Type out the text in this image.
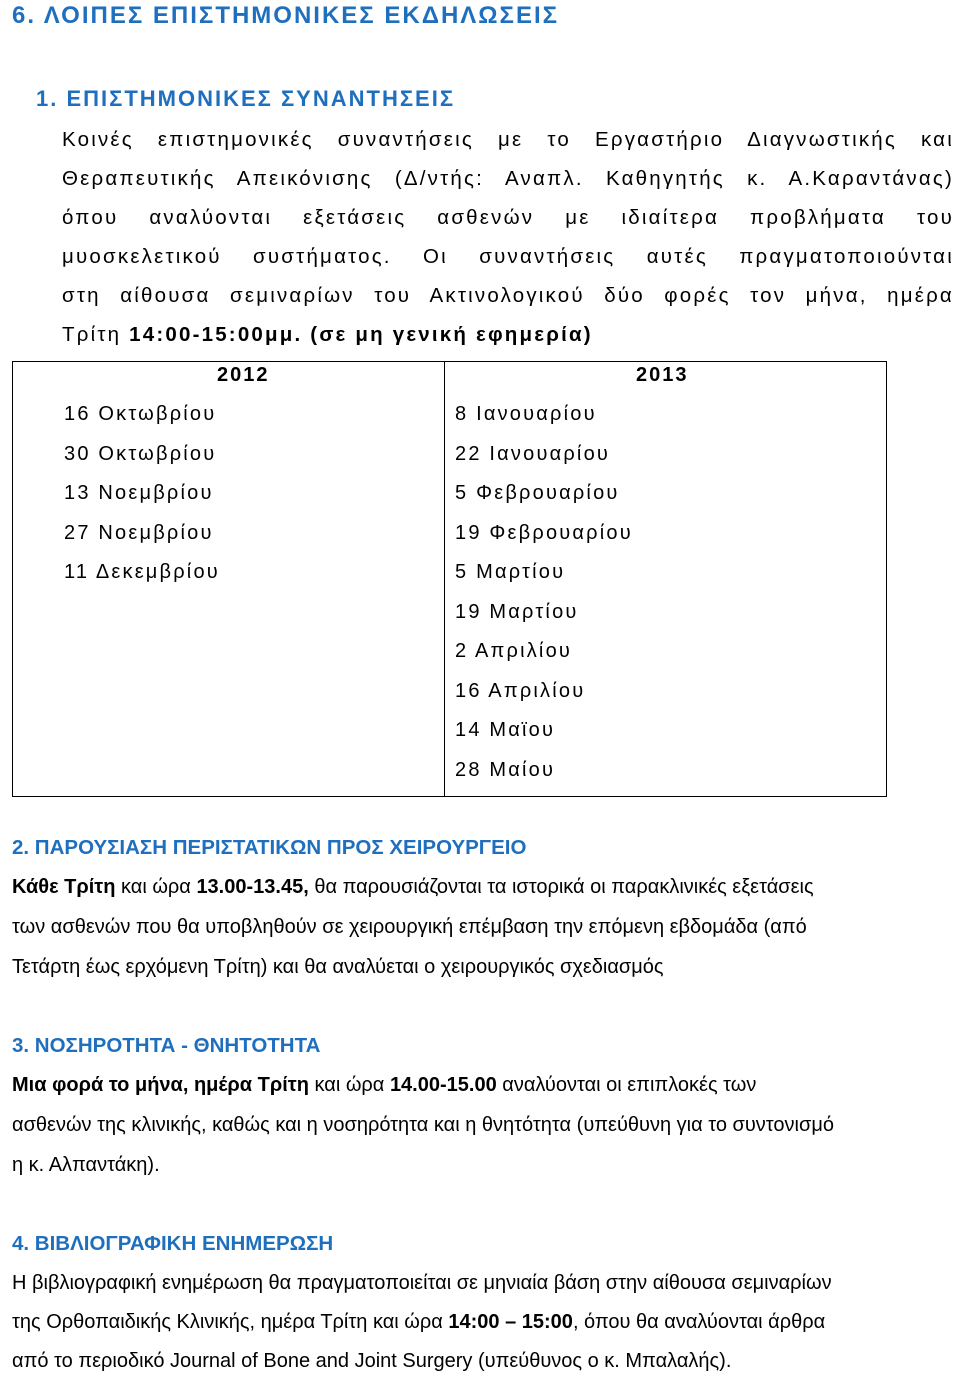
6. ΛΟΙΠΕΣ ΕΠΙΣΤΗΜΟΝΙΚΕΣ ΕΚΔΗΛΩΣΕΙΣ
1. ΕΠΙΣΤΗΜΟΝΙΚΕΣ ΣΥΝΑΝΤΗΣΕΙΣ
Κοινές επιστημονικές συναντήσεις με το Εργαστήριο Διαγνωστικής και
Θεραπευτικής Απεικόνισης (Δ/ντής: Αναπλ. Καθηγητής κ. Α.Καραντάνας)
όπου αναλύονται εξετάσεις ασθενών με ιδιαίτερα προβλήματα του
μυοσκελετικού συστήματος. Οι συναντήσεις αυτές πραγματοποιούνται
στη αίθουσα σεμιναρίων του Ακτινολογικού δύο φορές τον μήνα, ημέρα
Τρίτη 14:00-15:00μμ. (σε μη γενική εφημερία)
2012	2013
16 Οκτωβρίου
30 Οκτωβρίου
13 Νοεμβρίου
27 Νοεμβρίου
11 Δεκεμβρίου
8 Ιανουαρίου
22 Ιανουαρίου
5 Φεβρουαρίου
19 Φεβρουαρίου
5 Μαρτίου
19 Μαρτίου
2 Απριλίου
16 Απριλίου
14 Μαϊου
28 Μαίου
2. ΠΑΡΟΥΣΙΑΣΗ ΠΕΡΙΣΤΑΤΙΚΩΝ ΠΡΟΣ ΧΕΙΡΟΥΡΓΕΙΟ
Κάθε Τρίτη και ώρα 13.00-13.45, θα παρουσιάζονται τα ιστορικά οι παρακλινικές εξετάσεις
των ασθενών που θα υποβληθούν σε χειρουργική επέμβαση την επόμενη εβδομάδα (από
Τετάρτη έως ερχόμενη Τρίτη) και θα αναλύεται ο χειρουργικός σχεδιασμός
3. ΝΟΣΗΡΟΤΗΤΑ - ΘΝΗΤΟΤΗΤΑ
Μια φορά το μήνα, ημέρα Τρίτη και ώρα 14.00-15.00 αναλύονται οι επιπλοκές των
ασθενών της κλινικής, καθώς και η νοσηρότητα και η θνητότητα (υπεύθυνη για το συντονισμό
η κ. Αλπαντάκη).
4. ΒΙΒΛΙΟΓΡΑΦΙΚΗ ΕΝΗΜΕΡΩΣΗ
Η βιβλιογραφική ενημέρωση θα πραγματοποιείται σε μηνιαία βάση στην αίθουσα σεμιναρίων
της Ορθοπαιδικής Κλινικής, ημέρα Τρίτη και ώρα 14:00 – 15:00, όπου θα αναλύονται άρθρα
από το περιοδικό Journal of Bone and Joint Surgery (υπεύθυνος ο κ. Μπαλαλής).
